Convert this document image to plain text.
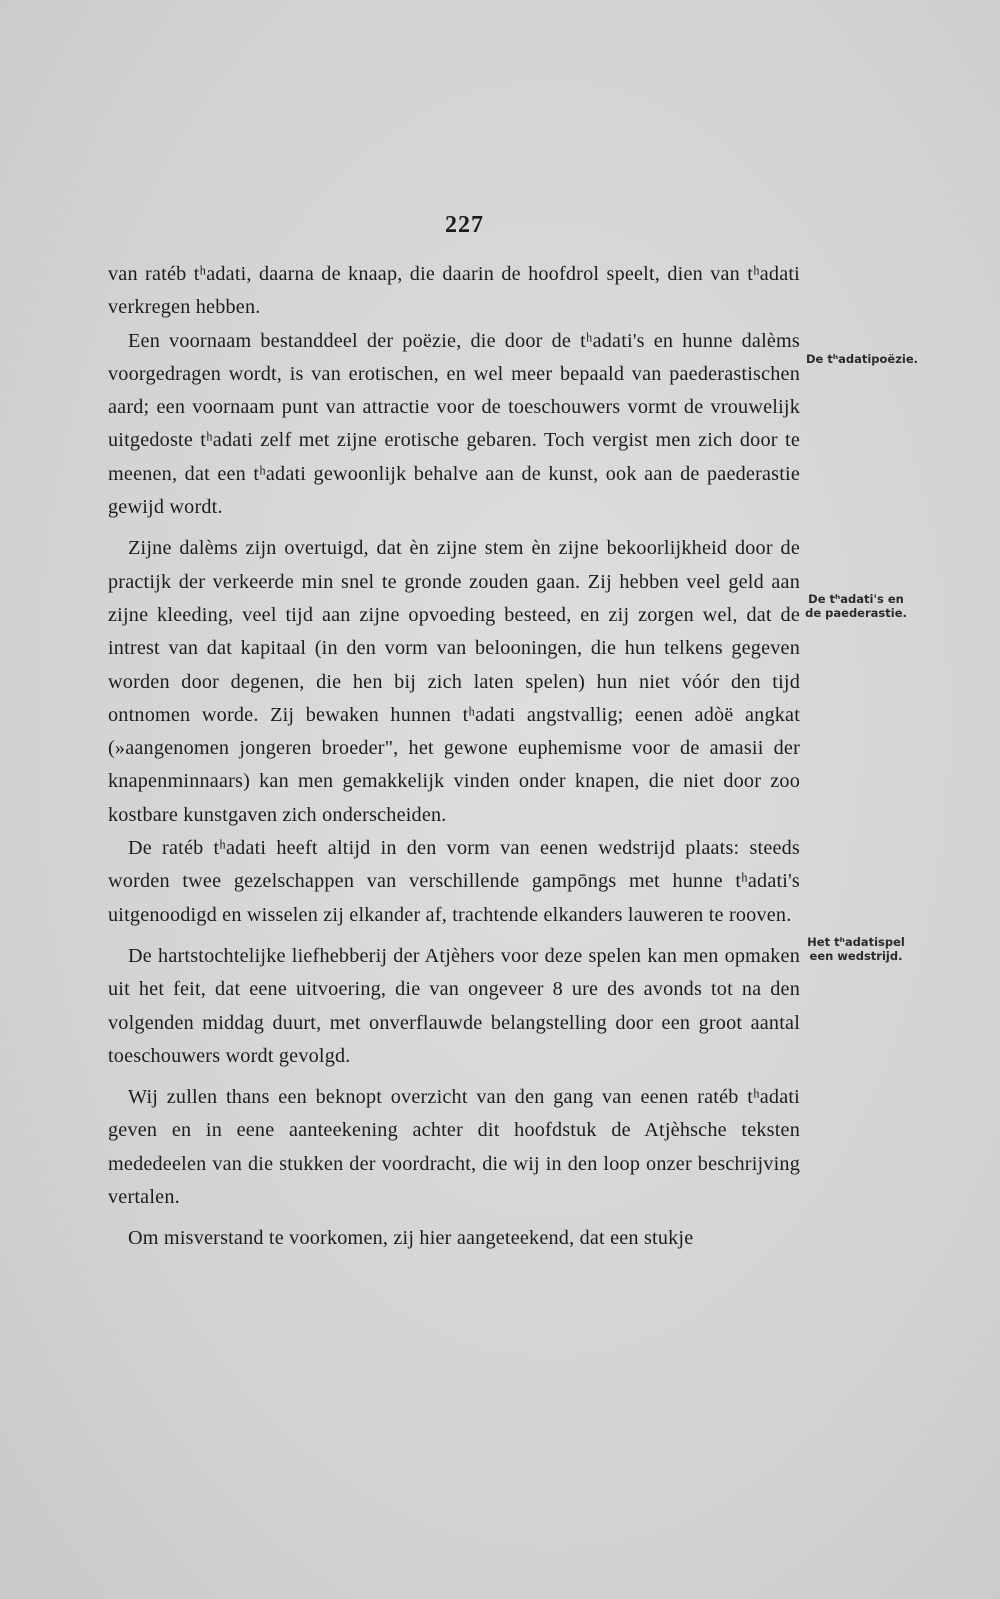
227

van ratéb tʰadati, daarna de knaap, die daarin de hoofdrol speelt, dien van tʰadati verkregen hebben.

Een voornaam bestanddeel der poëzie, die door de tʰadati's en hunne dalèms voorgedragen wordt, is van erotischen, en wel meer bepaald van paederastischen aard; een voornaam punt van attractie voor de toeschouwers vormt de vrouwelijk uitgedoste tʰadati zelf met zijne erotische gebaren. Toch vergist men zich door te meenen, dat een tʰadati gewoonlijk behalve aan de kunst, ook aan de paederastie gewijd wordt.

Zijne dalèms zijn overtuigd, dat èn zijne stem èn zijne bekoorlijkheid door de practijk der verkeerde min snel te gronde zouden gaan. Zij hebben veel geld aan zijne kleeding, veel tijd aan zijne opvoeding besteed, en zij zorgen wel, dat de intrest van dat kapitaal (in den vorm van belooningen, die hun telkens gegeven worden door degenen, die hen bij zich laten spelen) hun niet vóór den tijd ontnomen worde. Zij bewaken hunnen tʰadati angstvallig; eenen adòë angkat (»aangenomen jongeren broeder", het gewone euphemisme voor de amasii der knapenminnaars) kan men gemakkelijk vinden onder knapen, die niet door zoo kostbare kunstgaven zich onderscheiden.

De ratéb tʰadati heeft altijd in den vorm van eenen wedstrijd plaats: steeds worden twee gezelschappen van verschillende gampōngs met hunne tʰadati's uitgenoodigd en wisselen zij elkander af, trachtende elkanders lauweren te rooven.

De hartstochtelijke liefhebberij der Atjèhers voor deze spelen kan men opmaken uit het feit, dat eene uitvoering, die van ongeveer 8 ure des avonds tot na den volgenden middag duurt, met onverflauwde belangstelling door een groot aantal toeschouwers wordt gevolgd.

Wij zullen thans een beknopt overzicht van den gang van eenen ratéb tʰadati geven en in eene aanteekening achter dit hoofdstuk de Atjèhsche teksten mededeelen van die stukken der voordracht, die wij in den loop onzer beschrijving vertalen.

Om misverstand te voorkomen, zij hier aangeteekend, dat een stukje

De tʰadatipoëzie.
De tʰadati's en de paederastie.
Het tʰadatispel een wedstrijd.
